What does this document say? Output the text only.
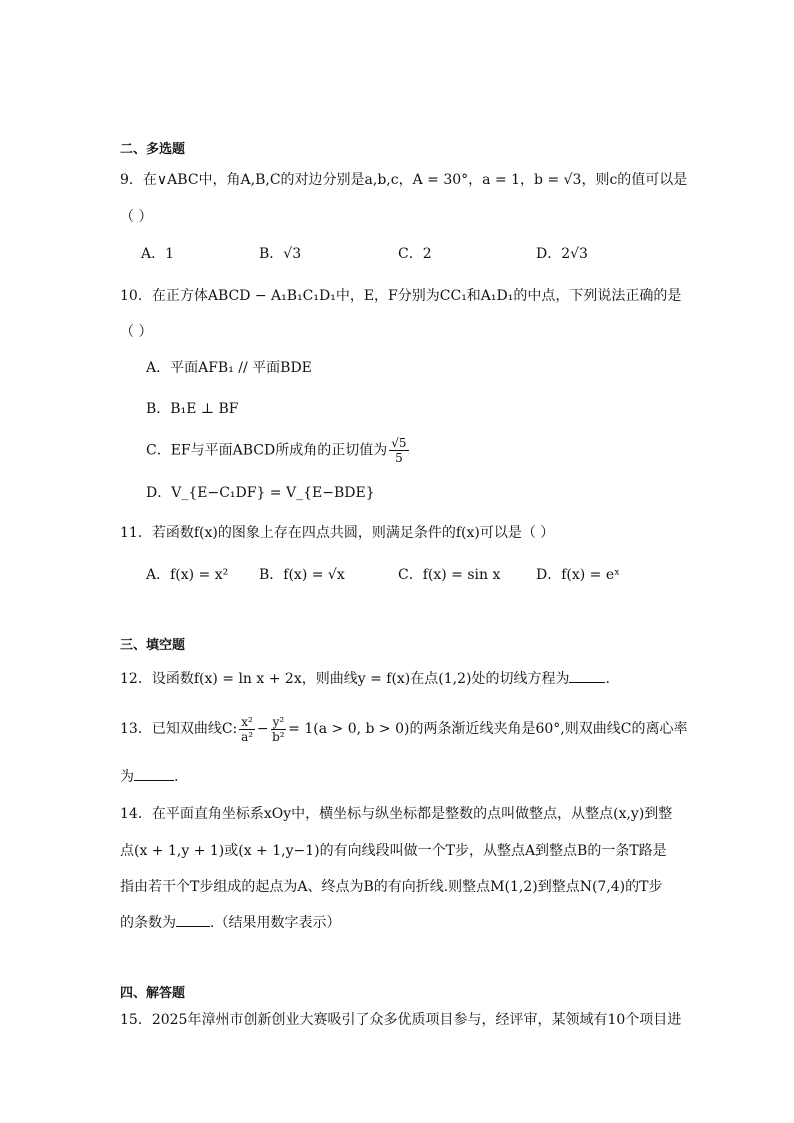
二、多选题
9．在∨ABC中，角A,B,C的对边分别是a,b,c，A = 30°，a = 1，b = √3，则c的值可以是
（ ）
A．1	B．√3	C．2	D．2√3
10．在正方体ABCD − A₁B₁C₁D₁中，E，F分别为CC₁和A₁D₁的中点，下列说法正确的是
（ ）
A．平面AFB₁ // 平面BDE
B．B₁E ⊥ BF
C．EF与平面ABCD所成角的正切值为 $\frac{√5}{5}$
D．V_{E−C₁DF} = V_{E−BDE}
11．若函数f(x)的图象上存在四点共圆，则满足条件的f(x)可以是（ ）
A．f(x) = x² B．f(x) = √x	C．f(x) = sin x	D．f(x) = eˣ
三、填空题
12．设函数f(x) = ln x + 2x，则曲线y = f(x)在点(1,2)处的切线方程为	.
13．已知双曲线C: $\frac{\text{x²}}{\text{a²}} - \frac{\text{y²}}{\text{b²}} = 1(a > 0$, b > 0)的两条渐近线夹角是60°,则双曲线C的离心率
为	.
14．在平面直角坐标系xOy中，横坐标与纵坐标都是整数的点叫做整点，从整点(x,y)到整
点(x + 1,y + 1)或(x + 1,y−1)的有向线段叫做一个T步，从整点A到整点B的一条T路是
指由若干个T步组成的起点为A、终点为B的有向折线.则整点M(1,2)到整点N(7,4)的T步
的条数为 .（结果用数字表示）
四、解答题
15．2025年漳州市创新创业大赛吸引了众多优质项目参与，经评审，某领域有10个项目进
